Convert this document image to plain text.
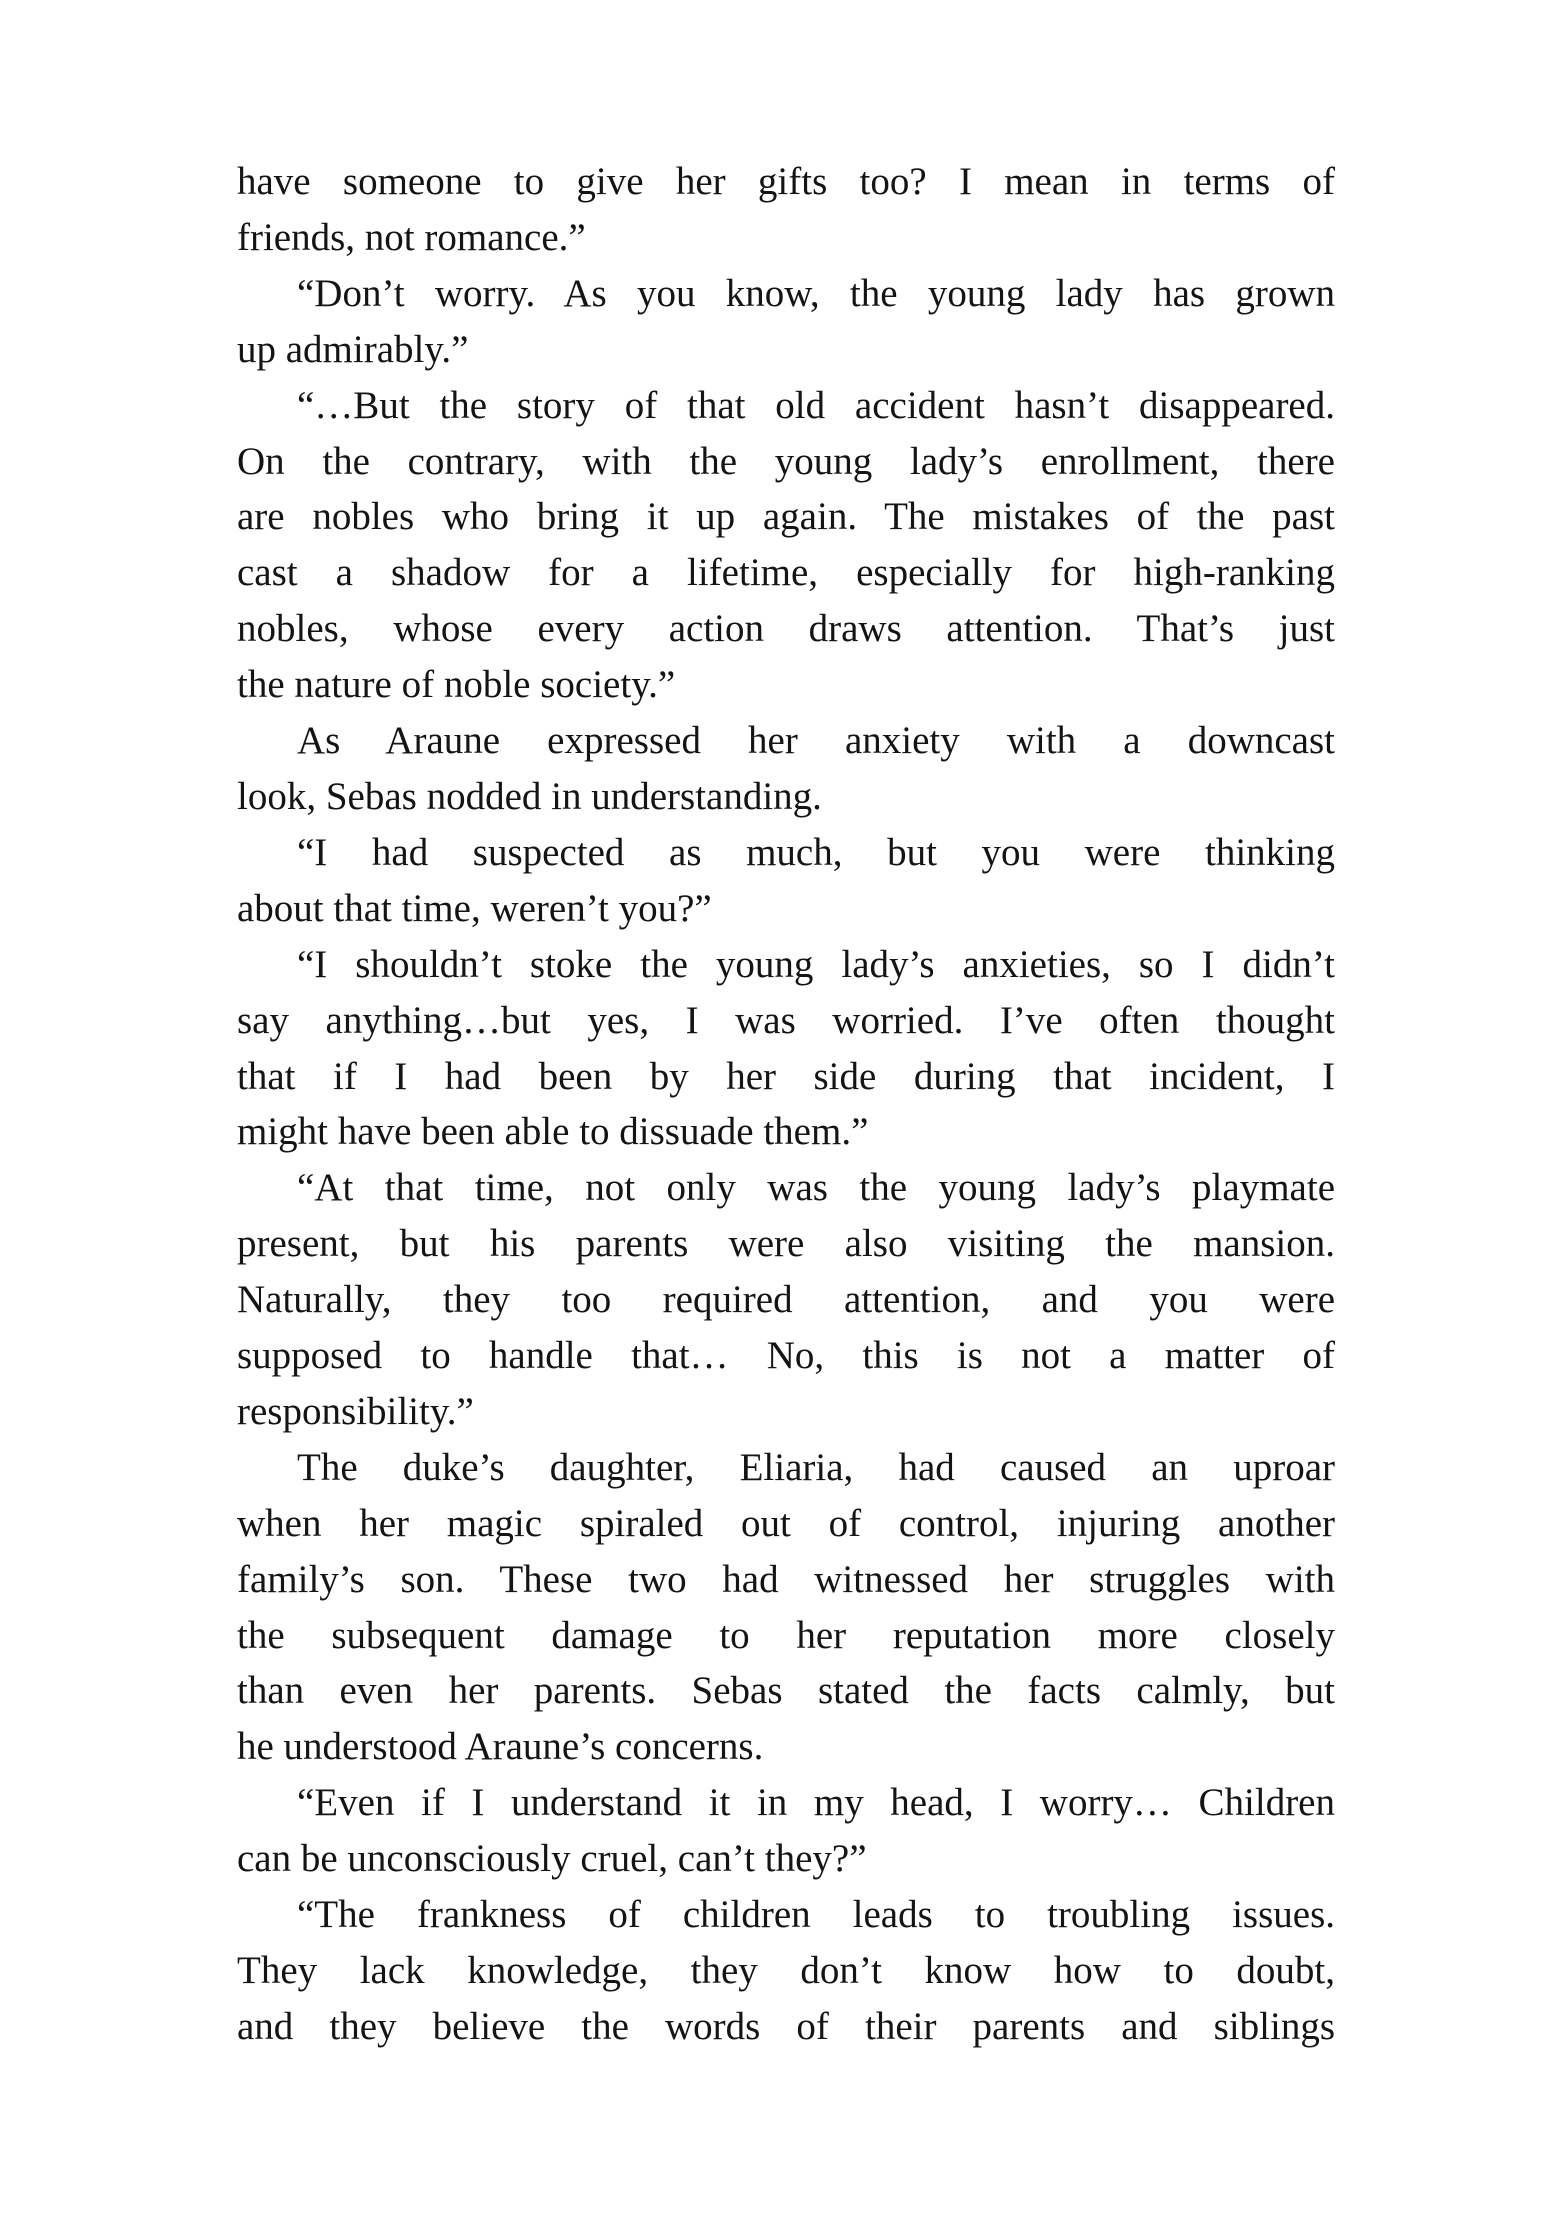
have someone to give her gifts too? I mean in terms of

friends, not romance.”

“Don’t worry. As you know, the young lady has grown

up admirably.”

“…But the story of that old accident hasn’t disappeared.

On the contrary, with the young lady’s enrollment, there

are nobles who bring it up again. The mistakes of the past

cast a shadow for a lifetime, especially for high-ranking

nobles, whose every action draws attention. That’s just

the nature of noble society.”

As Araune expressed her anxiety with a downcast

look, Sebas nodded in understanding.

“I had suspected as much, but you were thinking

about that time, weren’t you?”

“I shouldn’t stoke the young lady’s anxieties, so I didn’t

say anything…but yes, I was worried. I’ve often thought

that if I had been by her side during that incident, I

might have been able to dissuade them.”

“At that time, not only was the young lady’s playmate

present, but his parents were also visiting the mansion.

Naturally, they too required attention, and you were

supposed to handle that… No, this is not a matter of

responsibility.”

The duke’s daughter, Eliaria, had caused an uproar

when her magic spiraled out of control, injuring another

family’s son. These two had witnessed her struggles with

the subsequent damage to her reputation more closely

than even her parents. Sebas stated the facts calmly, but

he understood Araune’s concerns.

“Even if I understand it in my head, I worry… Children

can be unconsciously cruel, can’t they?”

“The frankness of children leads to troubling issues.

They lack knowledge, they don’t know how to doubt,

and they believe the words of their parents and siblings
